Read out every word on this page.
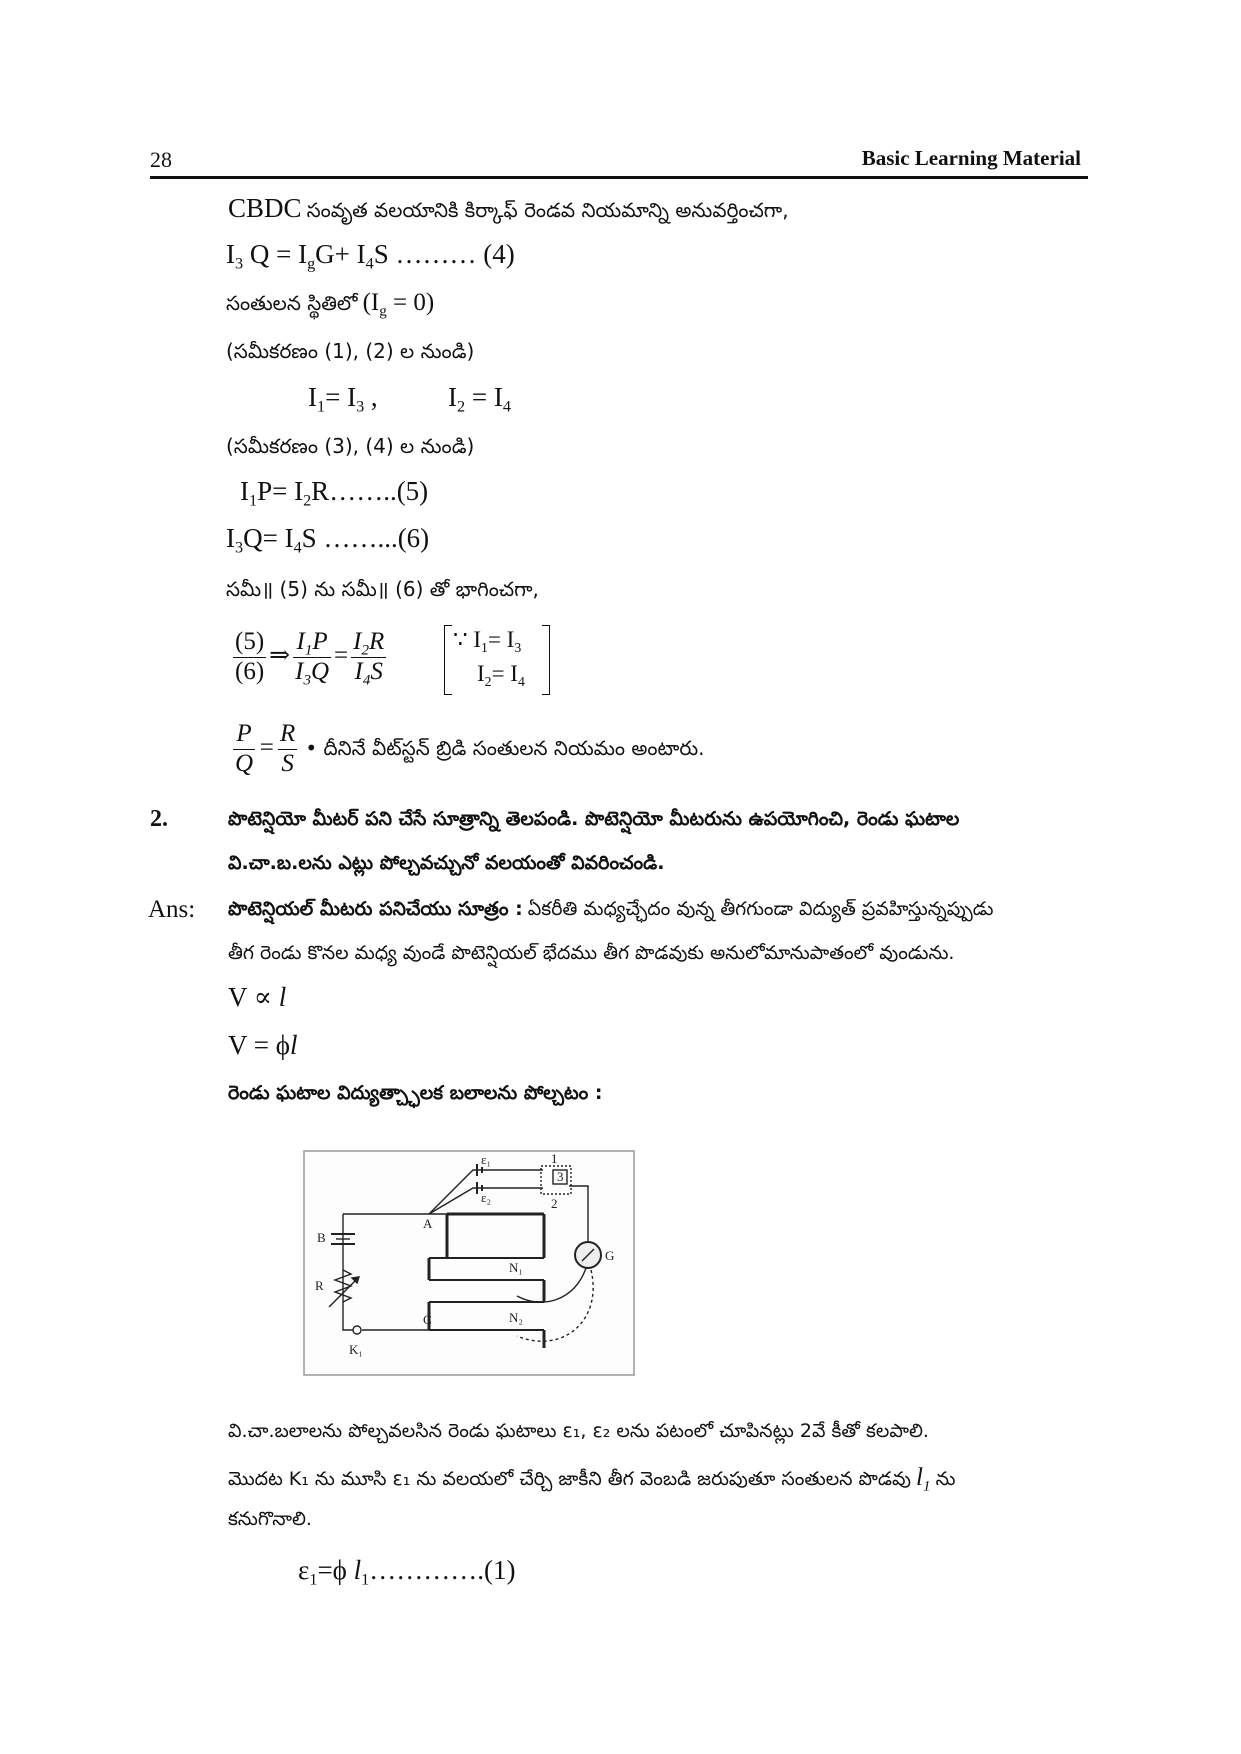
28	Basic Learning Material
CBDC సంవృత వలయానికి కిర్కాఫ్ రెండవ నియమాన్ని అనువర్తించగా,
$I_3$ $Q = I_gG+ I_4S$ ……… (4)
సంతులన స్థితిలో $(I_g = 0)$
(సమీకరణం (1), (2) ల నుండి)
$I_1= I_3$ ,	$I_2 = I_4$
(సమీకరణం (3), (4) ల నుండి)
$I_1P=$ $I_2R\dots\dots..(5)$
$I_3Q= I_4S$ ……...(6)
సమీ॥ (5) ను సమీ॥ (6) తో భాగించగా,
$\frac{(5)}{(6)}$ ⇒ $\frac{I_1P}{I_3Q} = \frac{I_2R}{I_4S}$	∵ $I_1= I_3$
$I_2= I_4$
$\frac{P}{Q} = \frac{R}{S}$ • దీనినే వీట్‌స్టన్ బ్రిడి సంతులన నియమం అంటారు.
2.	పొటెన్షియో మీటర్ పని చేసే సూత్రాన్ని తెలపండి. పొటెన్షియో మీటరును ఉపయోగించి, రెండు ఘటాల
వి.చా.బ.లను ఎట్లు పోల్చవచ్చునో వలయంతో వివరించండి.
Ans: పొటెన్షియల్ మీటరు పనిచేయు సూత్రం : ఏకరీతి మధ్యచ్ఛేదం వున్న తీగగుండా విద్యుత్ ప్రవహిస్తున్నప్పుడు
తీగ రెండు కొనల మధ్య వుండే పొటెన్షియల్ భేదము తీగ పొడవుకు అనులోమానుపాతంలో వుండును.
V ∝ l
V = ϕl
రెండు ఘటాల విద్యుత్చ్ఛాలక బలాలను పోల్చటం :
ε₁
ε₂
1
2
3
B
A
R
C
K₁
N₁
N₂
G
వి.చా.బలాలను పోల్చవలసిన రెండు ఘటాలు ε₁, ε₂ లను పటంలో చూపినట్లు 2వే కీతో కలపాలి.
మొదట K₁ ను మూసి ε₁ ను వలయలో చేర్చి జాకీని తీగ వెంబడి జరుపుతూ సంతులన పొడవు $l_1$ ను
కనుగొనాలి.
$\varepsilon_1=\phi$ $l_1\dots\dots\dots\dots.(1)$
